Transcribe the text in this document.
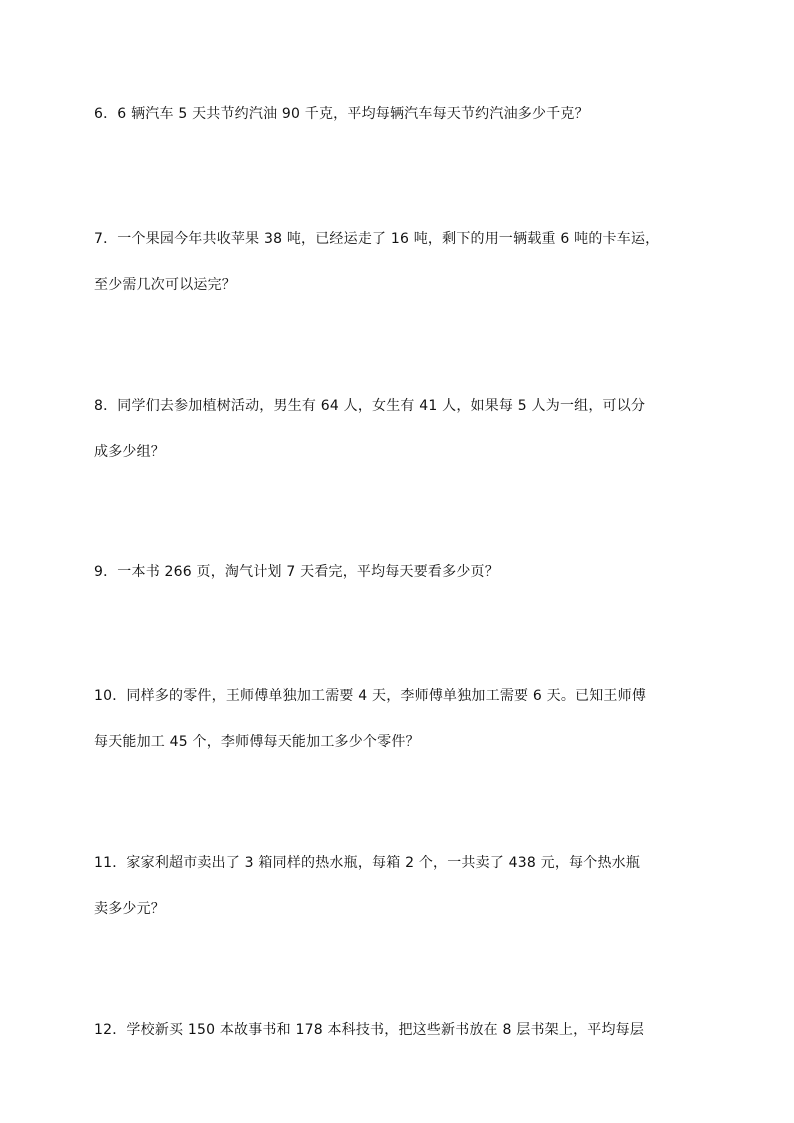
6．6 辆汽车 5 天共节约汽油 90 千克，平均每辆汽车每天节约汽油多少千克？
7．一个果园今年共收苹果 38 吨，已经运走了 16 吨，剩下的用一辆载重 6 吨的卡车运，
至少需几次可以运完？
8．同学们去参加植树活动，男生有 64 人，女生有 41 人，如果每 5 人为一组，可以分
成多少组？
9．一本书 266 页，淘气计划 7 天看完，平均每天要看多少页？
10．同样多的零件，王师傅单独加工需要 4 天，李师傅单独加工需要 6 天。已知王师傅
每天能加工 45 个，李师傅每天能加工多少个零件？
11．家家利超市卖出了 3 箱同样的热水瓶，每箱 2 个，一共卖了 438 元，每个热水瓶
卖多少元？
12．学校新买 150 本故事书和 178 本科技书，把这些新书放在 8 层书架上，平均每层
